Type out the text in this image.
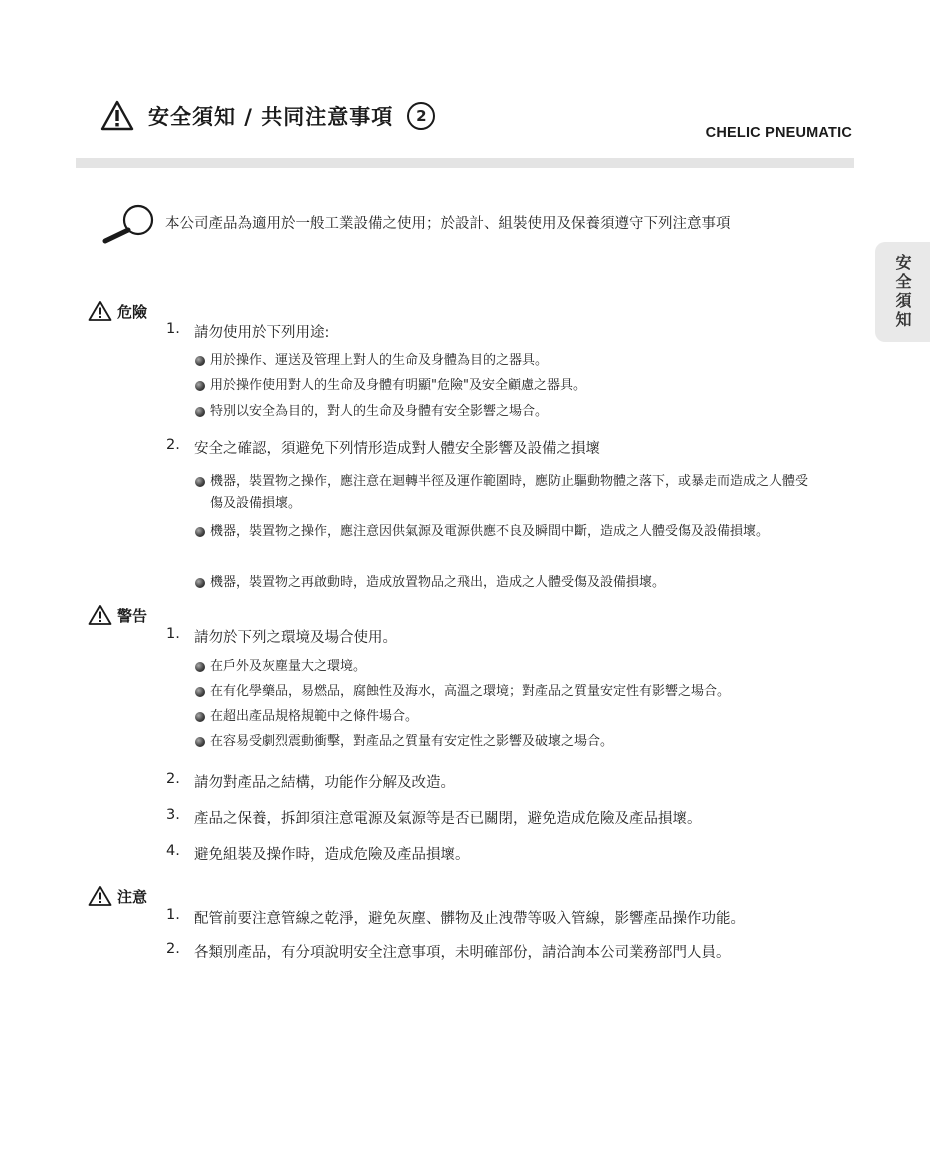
安全須知 / 共同注意事項	2
CHELIC PNEUMATIC
本公司產品為適用於一般工業設備之使用；於設計、組裝使用及保養須遵守下列注意事項
安全須知
危險
1. 請勿使用於下列用途:
用於操作、運送及管理上對人的生命及身體為目的之器具。
用於操作使用對人的生命及身體有明顯"危險"及安全顧慮之器具。
特別以安全為目的，對人的生命及身體有安全影響之場合。
2. 安全之確認，須避免下列情形造成對人體安全影響及設備之損壞
機器，裝置物之操作，應注意在迴轉半徑及運作範圍時，應防止驅動物體之落下，或暴走而造成之人體受傷及設備損壞。
機器，裝置物之操作，應注意因供氣源及電源供應不良及瞬間中斷，造成之人體受傷及設備損壞。
機器，裝置物之再啟動時，造成放置物品之飛出，造成之人體受傷及設備損壞。
警告
1. 請勿於下列之環境及場合使用。
在戶外及灰塵量大之環境。
在有化學藥品，易燃品，腐蝕性及海水，高溫之環境；對產品之質量安定性有影響之場合。
在超出產品規格規範中之條件場合。
在容易受劇烈震動衝擊，對產品之質量有安定性之影響及破壞之場合。
2. 請勿對產品之結構，功能作分解及改造。
3. 產品之保養，拆卸須注意電源及氣源等是否已關閉，避免造成危險及產品損壞。
4. 避免組裝及操作時，造成危險及產品損壞。
注意
1. 配管前要注意管線之乾淨，避免灰塵、髒物及止洩帶等吸入管線，影響產品操作功能。
2. 各類別產品，有分項說明安全注意事項，未明確部份，請洽詢本公司業務部門人員。
